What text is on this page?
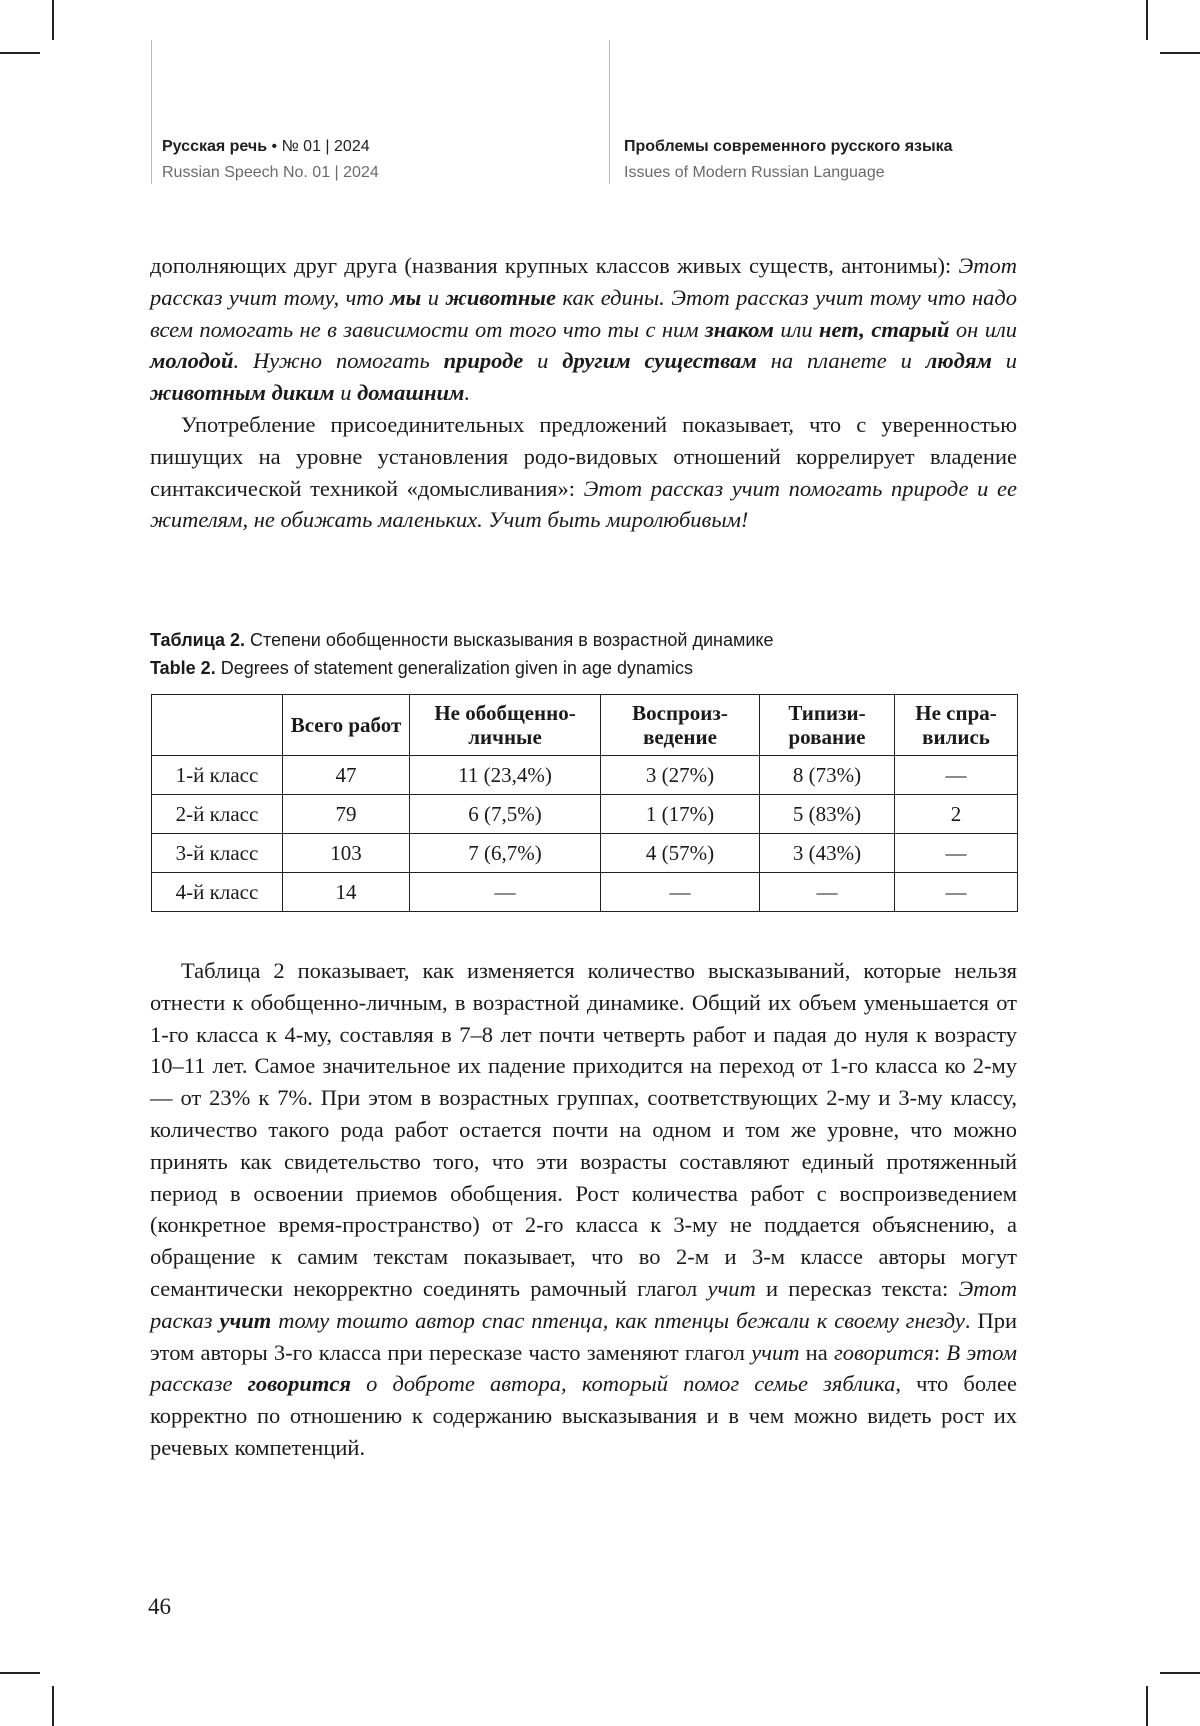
Русская речь • № 01 | 2024
Russian Speech No. 01 | 2024
Проблемы современного русского языка
Issues of Modern Russian Language

дополняющих друг друга (названия крупных классов живых существ, антонимы): Этот рассказ учит тому, что мы и животные как едины. Этот рассказ учит тому что надо всем помогать не в зависимости от того что ты с ним знаком или нет, старый он или молодой. Нужно помогать природе и другим существам на планете и людям и животным диким и домашним.

Употребление присоединительных предложений показывает, что с уверенностью пишущих на уровне установления родо-видовых отношений коррелирует владение синтаксической техникой «домысливания»: Этот рассказ учит помогать природе и ее жителям, не обижать маленьких. Учит быть миролюбивым!

Таблица 2. Степени обобщенности высказывания в возрастной динамике
Table 2. Degrees of statement generalization given in age dynamics
	Всего работ	Не обобщенно-личные	Воспроиз-ведение	Типизи-рование	Не спра-вились
1-й класс	47	11 (23,4%)	3 (27%)	8 (73%)	—
2-й класс	79	6 (7,5%)	1 (17%)	5 (83%)	2
3-й класс	103	7 (6,7%)	4 (57%)	3 (43%)	—
4-й класс	14	—	—	—	—

Таблица 2 показывает, как изменяется количество высказываний, которые нельзя отнести к обобщенно-личным, в возрастной динамике. Общий их объем уменьшается от 1-го класса к 4-му, составляя в 7–8 лет почти четверть работ и падая до нуля к возрасту 10–11 лет. Самое значительное их падение приходится на переход от 1-го класса ко 2-му — от 23% к 7%. При этом в возрастных группах, соответствующих 2-му и 3-му классу, количество такого рода работ остается почти на одном и том же уровне, что можно принять как свидетельство того, что эти возрасты составляют единый протяженный период в освоении приемов обобщения. Рост количества работ с воспроизведением (конкретное время-пространство) от 2-го класса к 3-му не поддается объяснению, а обращение к самим текстам показывает, что во 2-м и 3-м классе авторы могут семантически некорректно соединять рамочный глагол учит и пересказ текста: Этот расказ учит тому тошто автор спас птенца, как птенцы бежали к своему гнезду. При этом авторы 3-го класса при пересказе часто заменяют глагол учит на говорится: В этом рассказе говорится о доброте автора, который помог семье зяблика, что более корректно по отношению к содержанию высказывания и в чем можно видеть рост их речевых компетенций.

46
